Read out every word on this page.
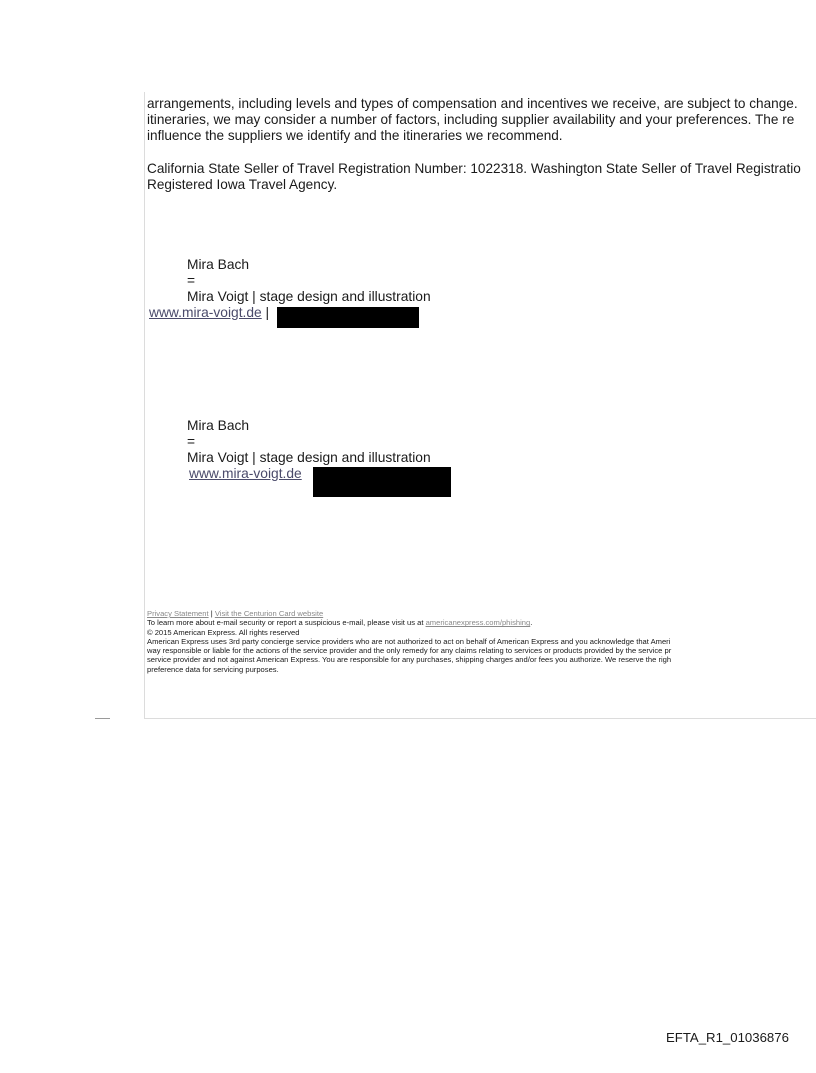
arrangements, including levels and types of compensation and incentives we receive, are subject to change.
itineraries, we may consider a number of factors, including supplier availability and your preferences. The re
influence the suppliers we identify and the itineraries we recommend.
California State Seller of Travel Registration Number: 1022318. Washington State Seller of Travel Registratio
Registered Iowa Travel Agency.
Mira Bach
=
Mira Voigt | stage design and illustration
www.mira-voigt.de |
Mira Bach
=
Mira Voigt | stage design and illustration
www.mira-voigt.de
Privacy Statement | Visit the Centurion Card website
To learn more about e-mail security or report a suspicious e-mail, please visit us at americanexpress.com/phishing.
© 2015 American Express. All rights reserved
American Express uses 3rd party concierge service providers who are not authorized to act on behalf of American Express and you acknowledge that Ameri
way responsible or liable for the actions of the service provider and the only remedy for any claims relating to services or products provided by the service pr
service provider and not against American Express. You are responsible for any purchases, shipping charges and/or fees you authorize. We reserve the righ
preference data for servicing purposes.
EFTA_R1_01036876
